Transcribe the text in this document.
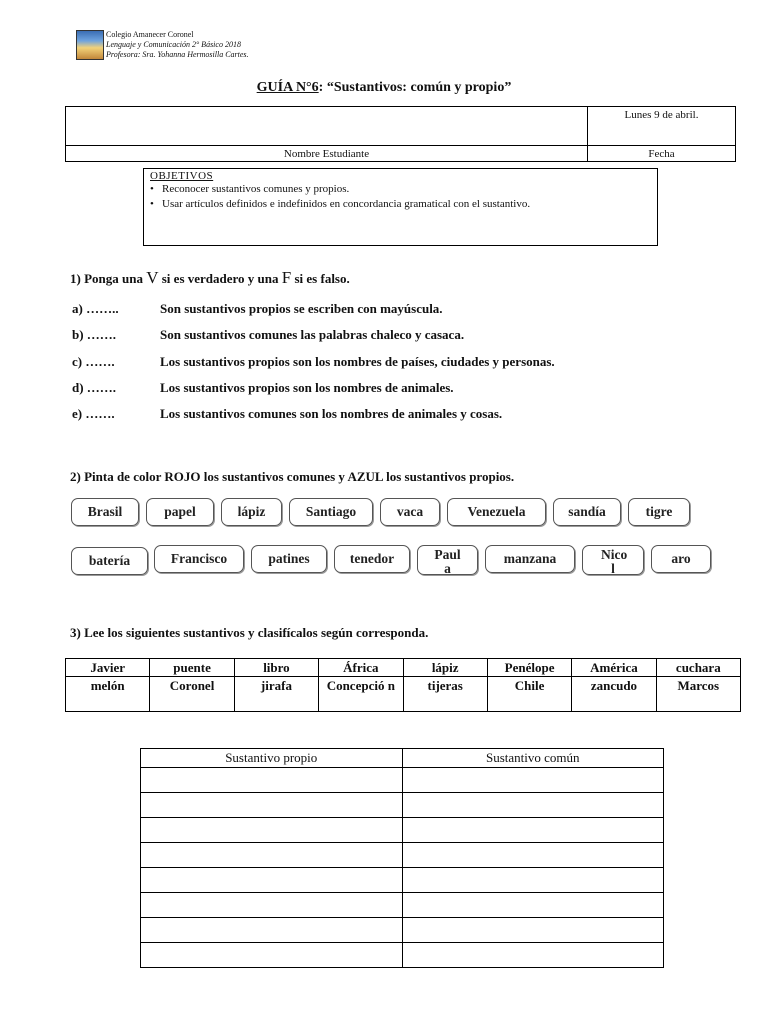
Colegio Amanecer Coronel
Lenguaje y Comunicación 2° Básico 2018
Profesora: Sra. Yohanna Hermosilla Cartes.
GUÍA N°6: “Sustantivos: común y propio”
	Lunes 9 de abril.
Nombre Estudiante	Fecha
OBJETIVOS
• Reconocer sustantivos comunes y propios.
• Usar artículos definidos e indefinidos en concordancia gramatical con el sustantivo.
1) Ponga una V si es verdadero y una F si es falso.
a) ……..	Son sustantivos propios se escriben con mayúscula.
b) …….	Son sustantivos comunes las palabras chaleco y casaca.
c) …….	Los sustantivos propios son los nombres de países, ciudades y personas.
d) …….	Los sustantivos propios son los nombres de animales.
e) …….	Los sustantivos comunes son los nombres de animales y cosas.
2) Pinta de color ROJO los sustantivos comunes y AZUL los sustantivos propios.
Brasil	papel	lápiz	Santiago	vaca	Venezuela	sandía	tigre
batería	Francisco	patines	tenedor	Paul a
manzana	Nico l
aro
3) Lee los siguientes sustantivos y clasifícalos según corresponda.
Javier	puente	libro	África	lápiz	Penélope	América	cuchara
melón	Coronel	jirafa	Concepció n	tijeras	Chile	zancudo	Marcos
Sustantivo propio	Sustantivo común
